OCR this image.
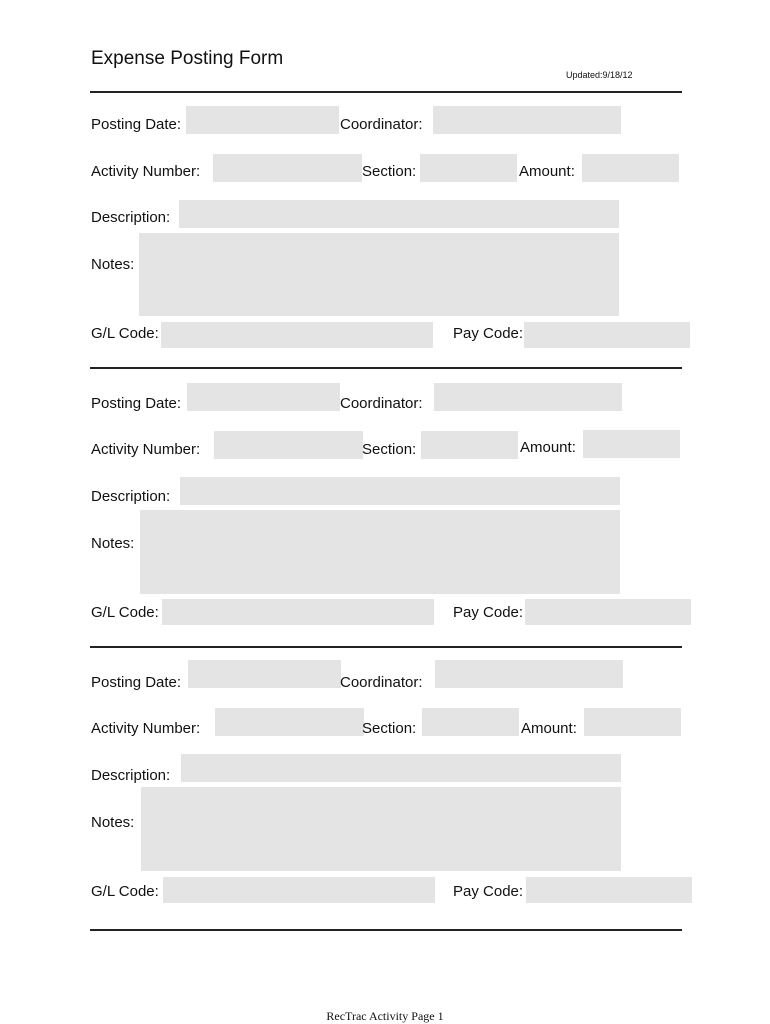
Expense Posting Form
Updated:9/18/12
Posting Date:	Coordinator:
Activity Number:	Section:	Amount:
Description:
Notes:
G/L Code:	Pay Code:
Posting Date:	Coordinator:
Activity Number:	Section:	Amount:
Description:
Notes:
G/L Code:	Pay Code:
Posting Date:	Coordinator:
Activity Number:	Section:	Amount:
Description:
Notes:
G/L Code:	Pay Code:
RecTrac Activity Page 1
